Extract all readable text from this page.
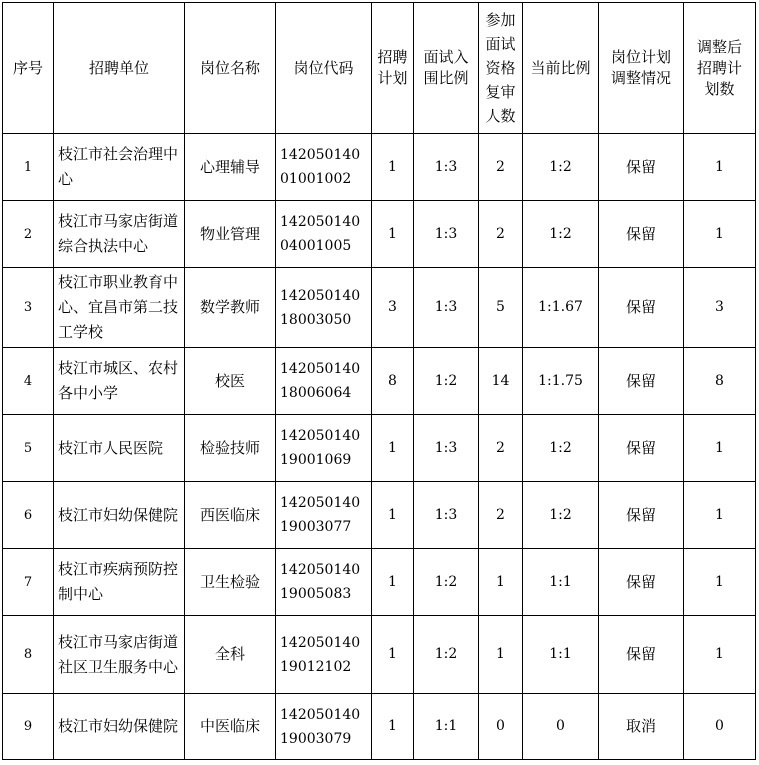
序号	招聘单位	岗位名称	岗位代码	招聘计划	面试入围比例	参加面试资格复审人数	当前比例	岗位计划调整情况	调整后招聘计划数
1	枝江市社会治理中心	心理辅导	14205014001001002	1	1:3	2	1:2	保留	1
2	枝江市马家店街道综合执法中心	物业管理	14205014004001005	1	1:3	2	1:2	保留	1
3	枝江市职业教育中心、宜昌市第二技工学校	数学教师	14205014018003050	3	1:3	5	1:1.67	保留	3
4	枝江市城区、农村各中小学	校医	14205014018006064	8	1:2	14	1:1.75	保留	8
5	枝江市人民医院	检验技师	14205014019001069	1	1:3	2	1:2	保留	1
6	枝江市妇幼保健院	西医临床	14205014019003077	1	1:3	2	1:2	保留	1
7	枝江市疾病预防控制中心	卫生检验	14205014019005083	1	1:2	1	1:1	保留	1
8	枝江市马家店街道社区卫生服务中心	全科	14205014019012102	1	1:2	1	1:1	保留	1
9	枝江市妇幼保健院	中医临床	14205014019003079	1	1:1	0	0	取消	0
